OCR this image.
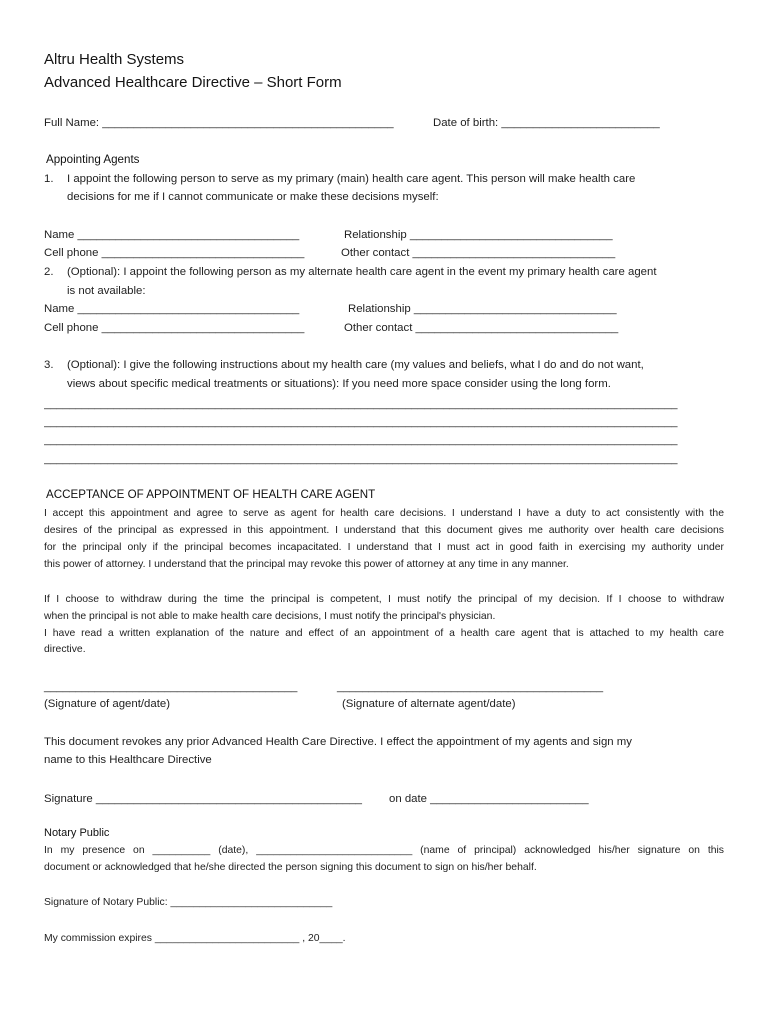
Altru Health Systems
Advanced Healthcare Directive – Short Form
Full Name: ______________________________________________	Date of birth: _________________________
Appointing Agents
1. I appoint the following person to serve as my primary (main) health care agent. This person will make health care
decisions for me if I cannot communicate or make these decisions myself:
Name ___________________________________	Relationship ________________________________
Cell phone ________________________________	Other contact ________________________________
2. (Optional): I appoint the following person as my alternate health care agent in the event my primary health care agent
is not available:
Name ___________________________________	Relationship ________________________________
Cell phone ________________________________	Other contact ________________________________
3. (Optional): I give the following instructions about my health care (my values and beliefs, what I do and do not want,
views about specific medical treatments or situations): If you need more space consider using the long form.
____________________________________________________________________________________________________
____________________________________________________________________________________________________
____________________________________________________________________________________________________
____________________________________________________________________________________________________
ACCEPTANCE OF APPOINTMENT OF HEALTH CARE AGENT
I accept this appointment and agree to serve as agent for health care decisions. I understand I have a duty to act consistently with the
desires of the principal as expressed in this appointment. I understand that this document gives me authority over health care decisions
for the principal only if the principal becomes incapacitated. I understand that I must act in good faith in exercising my authority under
this power of attorney. I understand that the principal may revoke this power of attorney at any time in any manner.
If I choose to withdraw during the time the principal is competent, I must notify the principal of my decision. If I choose to withdraw
when the principal is not able to make health care decisions, I must notify the principal's physician.
I have read a written explanation of the nature and effect of an appointment of a health care agent that is attached to my health care
directive.
________________________________________	__________________________________________
(Signature of agent/date)	(Signature of alternate agent/date)
This document revokes any prior Advanced Health Care Directive. I effect the appointment of my agents and sign my
name to this Healthcare Directive
Signature __________________________________________ on date _________________________
Notary Public
In my presence on __________ (date), ___________________________ (name of principal) acknowledged his/her signature on this
document or acknowledged that he/she directed the person signing this document to sign on his/her behalf.
Signature of Notary Public: ____________________________
My commission expires _________________________ , 20____.
